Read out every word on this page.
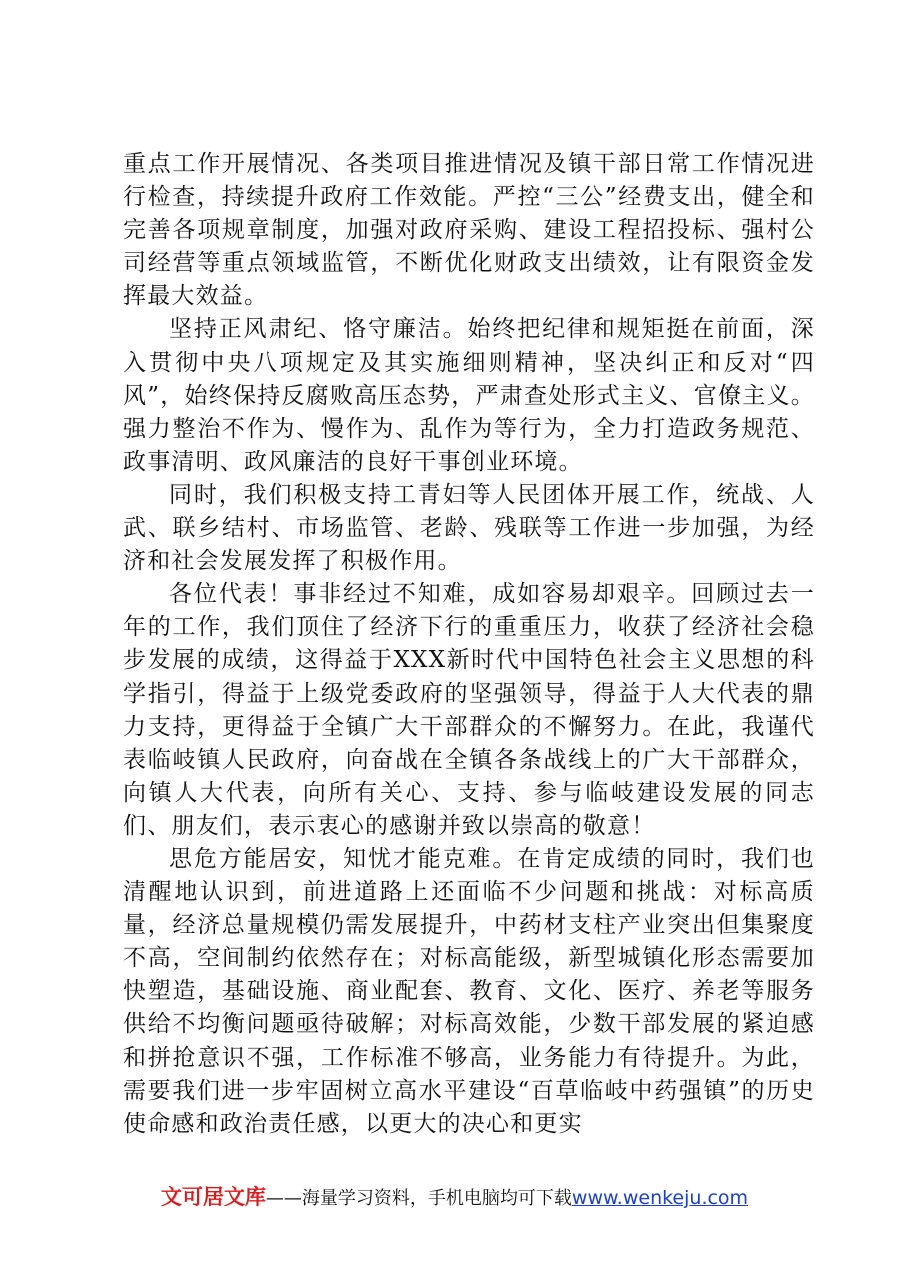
重点工作开展情况、各类项目推进情况及镇干部日常工作情况进行检查，持续提升政府工作效能。严控“三公”经费支出，健全和完善各项规章制度，加强对政府采购、建设工程招投标、强村公司经营等重点领域监管，不断优化财政支出绩效，让有限资金发挥最大效益。

坚持正风肃纪、恪守廉洁。始终把纪律和规矩挺在前面，深入贯彻中央八项规定及其实施细则精神，坚决纠正和反对“四风”，始终保持反腐败高压态势，严肃查处形式主义、官僚主义。强力整治不作为、慢作为、乱作为等行为，全力打造政务规范、政事清明、政风廉洁的良好干事创业环境。

同时，我们积极支持工青妇等人民团体开展工作，统战、人武、联乡结村、市场监管、老龄、残联等工作进一步加强，为经济和社会发展发挥了积极作用。

各位代表！事非经过不知难，成如容易却艰辛。回顾过去一年的工作，我们顶住了经济下行的重重压力，收获了经济社会稳步发展的成绩，这得益于XXX新时代中国特色社会主义思想的科学指引，得益于上级党委政府的坚强领导，得益于人大代表的鼎力支持，更得益于全镇广大干部群众的不懈努力。在此，我谨代表临岐镇人民政府，向奋战在全镇各条战线上的广大干部群众，向镇人大代表，向所有关心、支持、参与临岐建设发展的同志们、朋友们，表示衷心的感谢并致以崇高的敬意！

思危方能居安，知忧才能克难。在肯定成绩的同时，我们也清醒地认识到，前进道路上还面临不少问题和挑战：对标高质量，经济总量规模仍需发展提升，中药材支柱产业突出但集聚度不高，空间制约依然存在；对标高能级，新型城镇化形态需要加快塑造，基础设施、商业配套、教育、文化、医疗、养老等服务供给不均衡问题亟待破解；对标高效能，少数干部发展的紧迫感和拼抢意识不强，工作标准不够高，业务能力有待提升。为此，需要我们进一步牢固树立高水平建设“百草临岐中药强镇”的历史使命感和政治责任感，以更大的决心和更实

文可居文库——海量学习资料，手机电脑均可下载www.wenkeju.com
